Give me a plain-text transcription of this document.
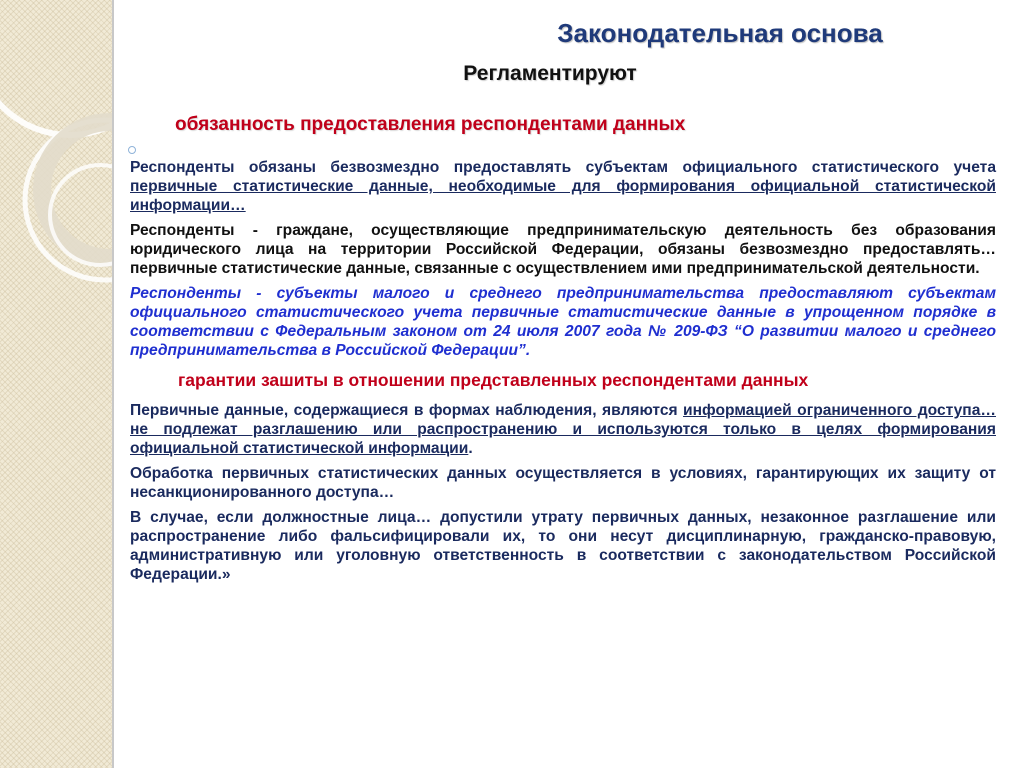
Законодательная основа
Регламентируют
обязанность предоставления респондентами данных

Респонденты обязаны безвозмездно предоставлять субъектам официального статистического учета первичные статистические данные, необходимые для формирования официальной статистической информации…

Респонденты - граждане, осуществляющие предпринимательскую деятельность без образования юридического лица на территории Российской Федерации, обязаны безвозмездно предоставлять…первичные статистические данные, связанные с осуществлением ими предпринимательской деятельности.

Респонденты - субъекты малого и среднего предпринимательства предоставляют субъектам официального статистического учета первичные статистические данные в упрощенном порядке в соответствии с Федеральным законом от 24 июля 2007 года № 209-ФЗ “О развитии малого и среднего предпринимательства в Российской Федерации”.

гарантии зашиты в отношении представленных респондентами данных

Первичные данные, содержащиеся в формах наблюдения, являются информацией ограниченного доступа… не подлежат разглашению или распространению и используются только в целях формирования официальной статистической информации.

Обработка первичных статистических данных осуществляется в условиях, гарантирующих их защиту от несанкционированного доступа…

В случае, если должностные лица… допустили утрату первичных данных, незаконное разглашение или распространение либо фальсифицировали их, то они несут дисциплинарную, гражданско-правовую, административную или уголовную ответственность в соответствии с законодательством Российской Федерации.»
